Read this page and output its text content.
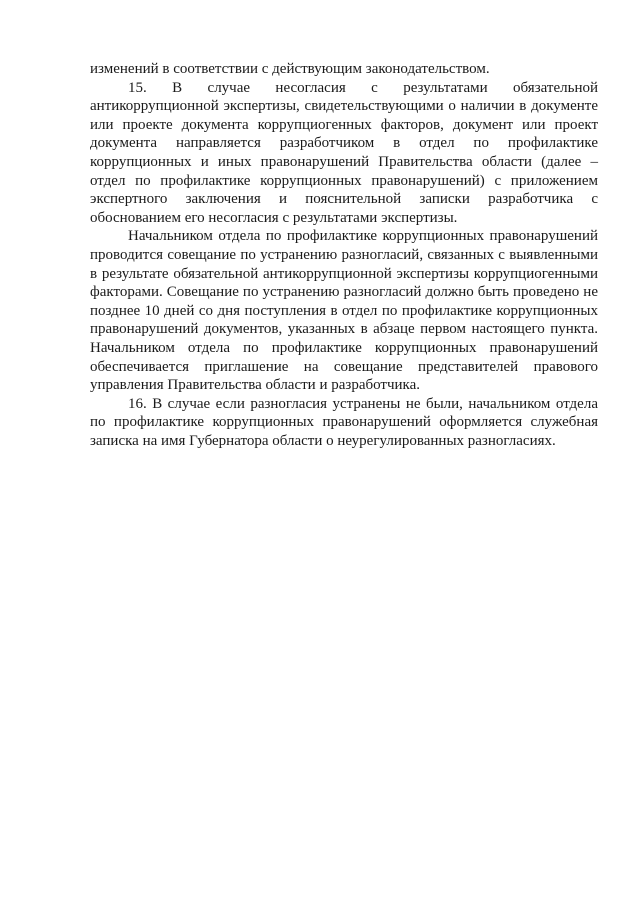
изменений в соответствии с действующим законодательством.

15. В случае несогласия с результатами обязательной антикоррупционной экспертизы, свидетельствующими о наличии в документе или проекте документа коррупциогенных факторов, документ или проект документа направляется разработчиком в отдел по профилактике коррупционных и иных правонарушений Правительства области (далее – отдел по профилактике коррупционных правонарушений) с приложением экспертного заключения и пояснительной записки разработчика с обоснованием его несогласия с результатами экспертизы.

Начальником отдела по профилактике коррупционных правонарушений проводится совещание по устранению разногласий, связанных с выявленными в результате обязательной антикоррупционной экспертизы коррупциогенными факторами. Совещание по устранению разногласий должно быть проведено не позднее 10 дней со дня поступления в отдел по профилактике коррупционных правонарушений документов, указанных в абзаце первом настоящего пункта. Начальником отдела по профилактике коррупционных правонарушений обеспечивается приглашение на совещание представителей правового управления Правительства области и разработчика.

16. В случае если разногласия устранены не были, начальником отдела по профилактике коррупционных правонарушений оформляется служебная записка на имя Губернатора области о неурегулированных разногласиях.
